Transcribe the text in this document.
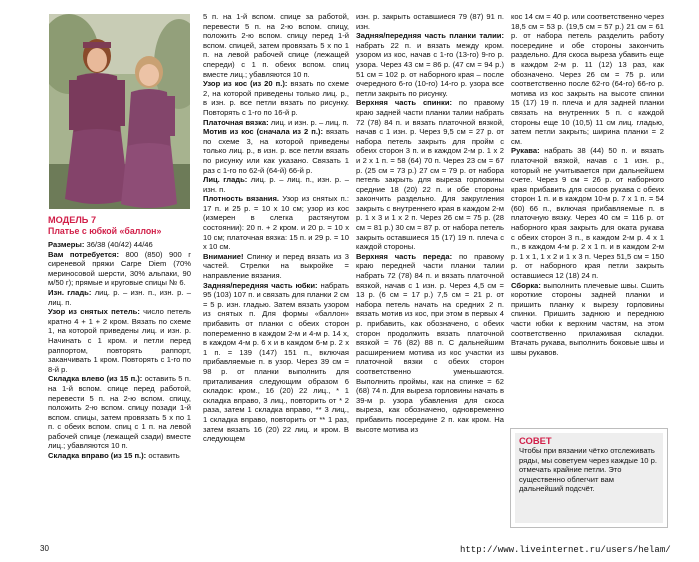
МОДЕЛЬ 7
Платье с юбкой «баллон»

Размеры: 36/38 (40/42) 44/46

Вам потребуется: 800 (850) 900 г сиреневой пряжи Carpe Diem (70% мериносовой шерсти, 30% альпаки, 90 м/50 г); прямые и круговые спицы № 6.

Изн. гладь: лиц. р. – изн. п., изн. р. – лиц. п.

Узор из снятых петель: число петель кратно 4 + 1 + 2 кром. Вязать по схеме 1, на которой приведены лиц. и изн. р. Начинать с 1 кром. и петли перед раппортом, повторять раппорт, заканчивать 1 кром. Повторять с 1-го по 8-й р.

Складка влево (из 15 п.): оставить 5 п. на 1-й вспом. спице перед работой, перевести 5 п. на 2-ю вспом. спицу, положить 2-ю вспом. спицу позади 1-й вспом. спицы, затем провязать 5 х по 1 п. с обеих вспом. спиц с 1 п. на левой рабочей спице (лежащей сзади) вместе лиц.; убавляются 10 п.

Складка вправо (из 15 п.): оставить

5 п. на 1-й вспом. спице за работой, перевести 5 п. на 2-ю вспом. спицу, положить 2-ю вспом. спицу перед 1-й вспом. спицей, затем провязать 5 х по 1 п. на левой рабочей спице (лежащей спереди) с 1 п. обеих вспом. спиц вместе лиц.; убавляются 10 п.

Узор из кос (из 20 п.): вязать по схеме 2, на которой приведены только лиц. р., в изн. р. все петли вязать по рисунку. Повторять с 1-го по 16-й р.

Платочная вязка: лиц. и изн. р. – лиц. п.

Мотив из кос (сначала из 2 п.): вязать по схеме 3, на которой приведены только лиц. р., в изн. р. все петли вязать по рисунку или как указано. Связать 1 раз с 1-го по 62-й (64-й) 66-й р.

Лиц. гладь: лиц. р. – лиц. п., изн. р. – изн. п.

Плотность вязания. Узор из снятых п.: 17 п. и 25 р. = 10 х 10 см; узор из кос (измерен в слегка растянутом состоянии): 20 п. + 2 кром. и 20 р. = 10 х 10 см; платочная вязка: 15 п. и 29 р. = 10 х 10 см.

Внимание! Спинку и перед вязать из 3 частей. Стрелки на выкройке = направление вязания.

Задняя/передняя часть юбки: набрать 95 (103) 107 п. и связать для планки 2 см = 5 р. изн. гладью. Затем вязать узором из снятых п. Для формы «баллон» прибавить от планки с обеих сторон попеременно в каждом 2-м и 4-м р. 14 х, в каждом 4-м р. 6 х и в каждом 6-м р. 2 х 1 п. = 139 (147) 151 п., включая прибавляемые п. в узор. Через 39 см = 98 р. от планки выполнить для приталивания следующим образом 6 складок: кром., 16 (20) 22 лиц., * 1 складка вправо, 3 лиц., повторить от * 2 раза, затем 1 складка вправо, ** 3 лиц., 1 складка вправо, повторить от ** 1 раз, затем вязать 16 (20) 22 лиц. и кром. В следующем

изн. р. закрыть оставшиеся 79 (87) 91 п. изн.

Задняя/передняя часть планки талии: набрать 22 п. и вязать между кром. узором из кос, начав с 1-го (13-го) 9-го р. узора. Через 43 см = 86 р. (47 см = 94 р.) 51 см = 102 р. от наборного края – после очередного 6-го (10-го) 14-го р. узора все петли закрыть по рисунку.

Верхняя часть спинки: по правому краю задней части планки талии набрать 72 (78) 84 п. и вязать платочной вязкой, начав с 1 изн. р. Через 9,5 см = 27 р. от набора петель закрыть для пройм с обеих сторон 3 п. и в каждом 2-м р. 1 х 2 и 2 х 1 п. = 58 (64) 70 п. Через 23 см = 67 р. (25 см = 73 р.) 27 см = 79 р. от набора петель закрыть для выреза горловины средние 18 (20) 22 п. и обе стороны закончить раздельно. Для закругления закрыть с внутреннего края в каждом 2-м р. 1 х 3 и 1 х 2 п. Через 26 см = 75 р. (28 см = 81 р.) 30 см = 87 р. от набора петель закрыть оставшиеся 15 (17) 19 п. плеча с каждой стороны.

Верхняя часть переда: по правому краю передней части планки талии набрать 72 (78) 84 п. и вязать платочной вязкой, начав с 1 изн. р. Через 4,5 см = 13 р. (6 см = 17 р.) 7,5 см = 21 р. от набора петель начать на средних 2 п. вязать мотив из кос, при этом в первых 4 р. прибавить, как обозначено, с обеих сторон продолжить вязать платочной вязкой = 76 (82) 88 п. С дальнейшим расширением мотива из кос участки из платочной вязки с обеих сторон соответственно уменьшаются. Выполнить проймы, как на спинке = 62 (68) 74 п. Для выреза горловины начать в 39-м р. узора убавления для скоса выреза, как обозначено, одновременно прибавить посередине 2 п. как кром. На высоте мотива из

кос 14 см = 40 р. или соответственно через 18,5 см = 53 р. (19,5 см = 57 р.) 21 см = 61 р. от набора петель разделить работу посередине и обе стороны закончить раздельно. Для скоса выреза убавить еще в каждом 2-м р. 11 (12) 13 раз, как обозначено. Через 26 см = 75 р. или соответственно после 62-го (64-го) 66-го р. мотива из кос закрыть на высоте спинки 15 (17) 19 п. плеча и для задней планки связать на внутренних 5 п. с каждой стороны еще 10 (10,5) 11 см лиц. гладью, затем петли закрыть; ширина планки = 2 см.

Рукава: набрать 38 (44) 50 п. и вязать платочной вязкой, начав с 1 изн. р., который не учитывается при дальнейшем счете. Через 9 см = 26 р. от наборного края прибавить для скосов рукава с обеих сторон 1 п. и в каждом 10-м р. 7 х 1 п. = 54 (60) 66 п., включая прибавляемые п. в платочную вязку. Через 40 см = 116 р. от наборного края закрыть для оката рукава с обеих сторон 3 п., в каждом 2-м р. 4 х 1 п., в каждом 4-м р. 2 х 1 п. и в каждом 2-м р. 1 х 1, 1 х 2 и 1 х 3 п. Через 51,5 см = 150 р. от наборного края петли закрыть оставшиеся 12 (18) 24 п.

Сборка: выполнить плечевые швы. Сшить короткие стороны задней планки и пришить планку к вырезу горловины спинки. Пришить заднюю и переднюю части юбки к верхним частям, на этом соответственно прилаживая складки. Втачать рукава, выполнить боковые швы и швы рукавов.

СОВЕТ
Чтобы при вязании чётко отслеживать ряды, мы советуем через каждые 10 р. отмечать крайние петли. Это существенно облегчит вам дальнейший подсчёт.
30	http://www.liveinternet.ru/users/helam/
